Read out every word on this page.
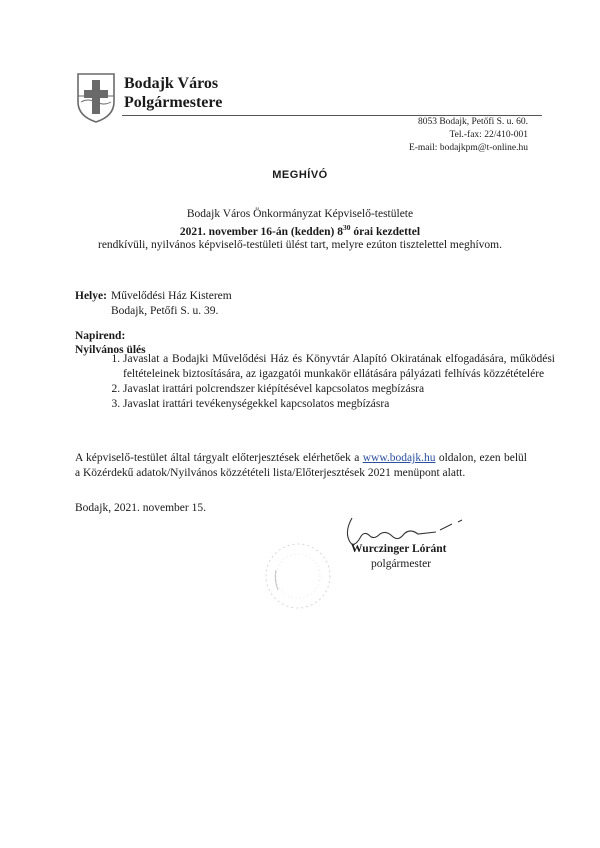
Bodajk Város
Polgármestere
8053 Bodajk, Petőfi S. u. 60.
Tel.-fax: 22/410-001
E-mail: bodajkpm@t-online.hu
MEGHÍVÓ
Bodajk Város Önkormányzat Képviselő-testülete
2021. november 16-án (kedden) $8^{30}$ órai kezdettel
rendkívüli, nyilvános képviselő-testületi ülést tart, melyre ezúton tisztelettel meghívom.
Helye: Művelődési Ház Kisterem
Bodajk, Petőfi S. u. 39.
Napirend:
Nyilvános ülés
1. Javaslat a Bodajki Művelődési Ház és Könyvtár Alapító Okiratának elfogadására, működési feltételeinek biztosítására, az igazgatói munkakör ellátására pályázati felhívás közzétételére
2. Javaslat irattári polcrendszer kiépítésével kapcsolatos megbízásra
3. Javaslat irattári tevékenységekkel kapcsolatos megbízásra
A képviselő-testület által tárgyalt előterjesztések elérhetőek a www.bodajk.hu oldalon, ezen belül a Közérdekű adatok/Nyilvános közzétételi lista/Előterjesztések 2021 menüpont alatt.
Bodajk, 2021. november 15.
Wurczinger Lóránt
polgármester
